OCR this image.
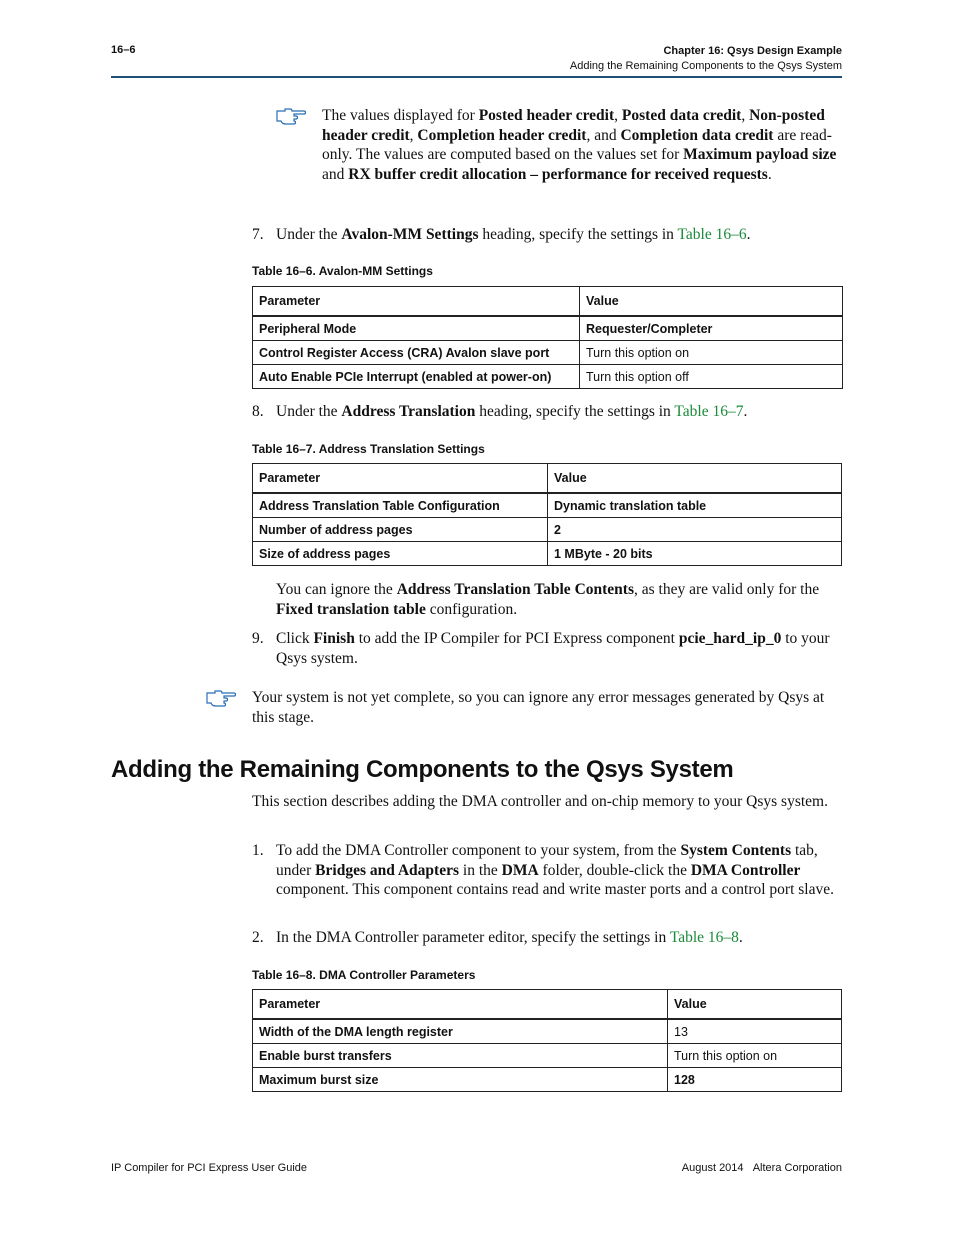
16–6	Chapter 16: Qsys Design Example
Adding the Remaining Components to the Qsys System
The values displayed for Posted header credit, Posted data credit, Non-posted header credit, Completion header credit, and Completion data credit are read-only. The values are computed based on the values set for Maximum payload size and RX buffer credit allocation – performance for received requests.
7. Under the Avalon-MM Settings heading, specify the settings in Table 16–6.
Table 16–6. Avalon-MM Settings
Parameter	Value
Peripheral Mode	Requester/Completer
Control Register Access (CRA) Avalon slave port	Turn this option on
Auto Enable PCIe Interrupt (enabled at power-on)	Turn this option off
8. Under the Address Translation heading, specify the settings in Table 16–7.
Table 16–7. Address Translation Settings
Parameter	Value
Address Translation Table Configuration	Dynamic translation table
Number of address pages	2
Size of address pages	1 MByte - 20 bits
You can ignore the Address Translation Table Contents, as they are valid only for the Fixed translation table configuration.
9. Click Finish to add the IP Compiler for PCI Express component pcie_hard_ip_0 to your Qsys system.
Your system is not yet complete, so you can ignore any error messages generated by Qsys at this stage.
Adding the Remaining Components to the Qsys System
This section describes adding the DMA controller and on-chip memory to your Qsys system.
1. To add the DMA Controller component to your system, from the System Contents tab, under Bridges and Adapters in the DMA folder, double-click the DMA Controller component. This component contains read and write master ports and a control port slave.
2. In the DMA Controller parameter editor, specify the settings in Table 16–8.
Table 16–8. DMA Controller Parameters
Parameter	Value
Width of the DMA length register	13
Enable burst transfers	Turn this option on
Maximum burst size	128
IP Compiler for PCI Express User Guide	August 2014 Altera Corporation
